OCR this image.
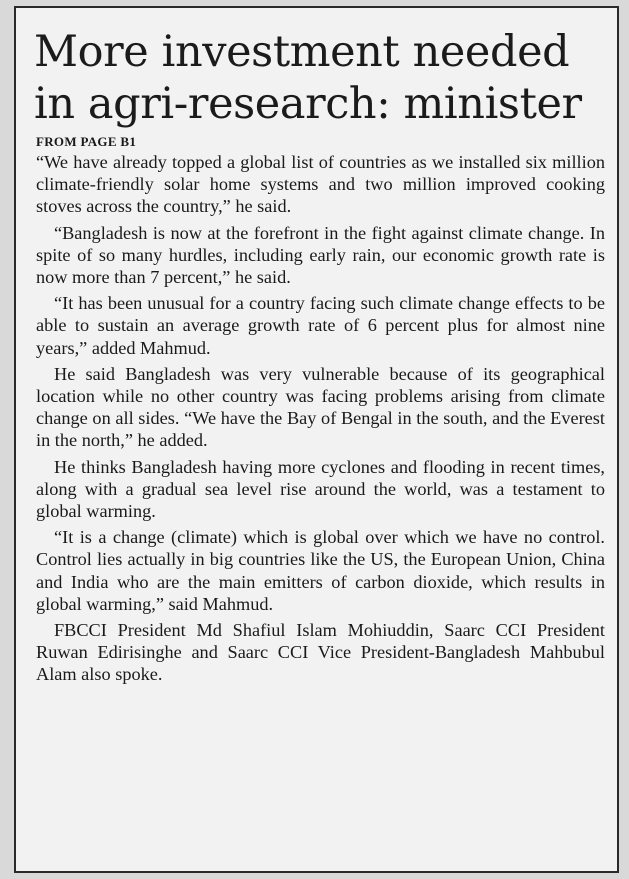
More investment needed in agri-research: minister
FROM PAGE B1

“We have already topped a global list of countries as we installed six million climate-friendly solar home systems and two million improved cooking stoves across the country,” he said.

“Bangladesh is now at the forefront in the fight against climate change. In spite of so many hurdles, including early rain, our economic growth rate is now more than 7 percent,” he said.

“It has been unusual for a country facing such climate change effects to be able to sustain an average growth rate of 6 percent plus for almost nine years,” added Mahmud.

He said Bangladesh was very vulnerable because of its geographical location while no other country was facing problems arising from climate change on all sides. “We have the Bay of Bengal in the south, and the Everest in the north,” he added.

He thinks Bangladesh having more cyclones and flooding in recent times, along with a gradual sea level rise around the world, was a testament to global warming.

“It is a change (climate) which is global over which we have no control. Control lies actually in big countries like the US, the European Union, China and India who are the main emitters of carbon dioxide, which results in global warming,” said Mahmud.

FBCCI President Md Shafiul Islam Mohiuddin, Saarc CCI President Ruwan Edirisinghe and Saarc CCI Vice President-Bangladesh Mahbubul Alam also spoke.
